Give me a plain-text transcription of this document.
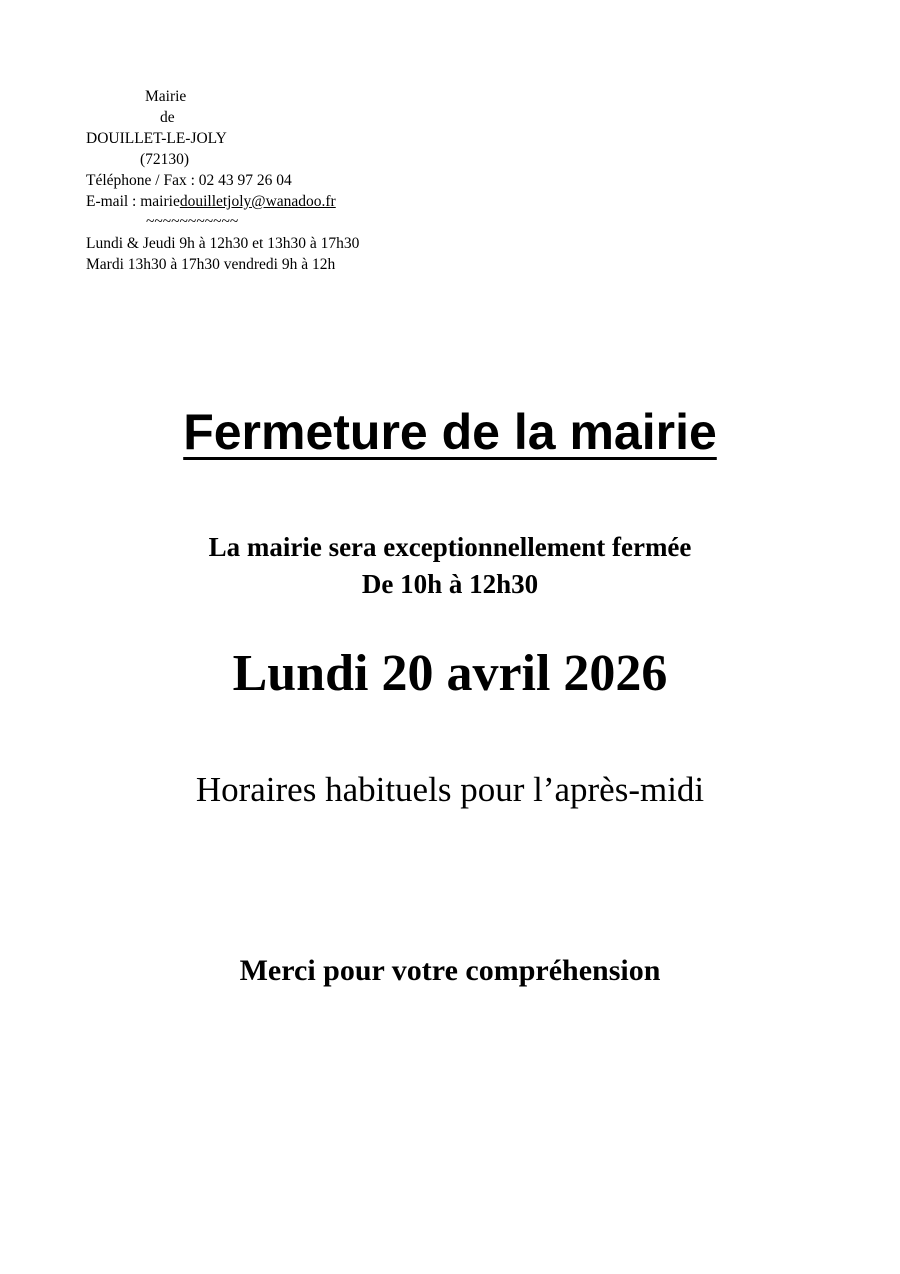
Mairie
de
DOUILLET-LE-JOLY
(72130)
Téléphone / Fax : 02 43 97 26 04
E-mail : mairiedouilletjoly@wanadoo.fr
~~~~~~~~~~~
Lundi & Jeudi 9h à 12h30 et 13h30 à 17h30
Mardi 13h30 à 17h30 vendredi 9h à 12h
Fermeture de la mairie
La mairie sera exceptionnellement fermée
De 10h à 12h30
Lundi 20 avril 2026
Horaires habituels pour l’après-midi
Merci pour votre compréhension
